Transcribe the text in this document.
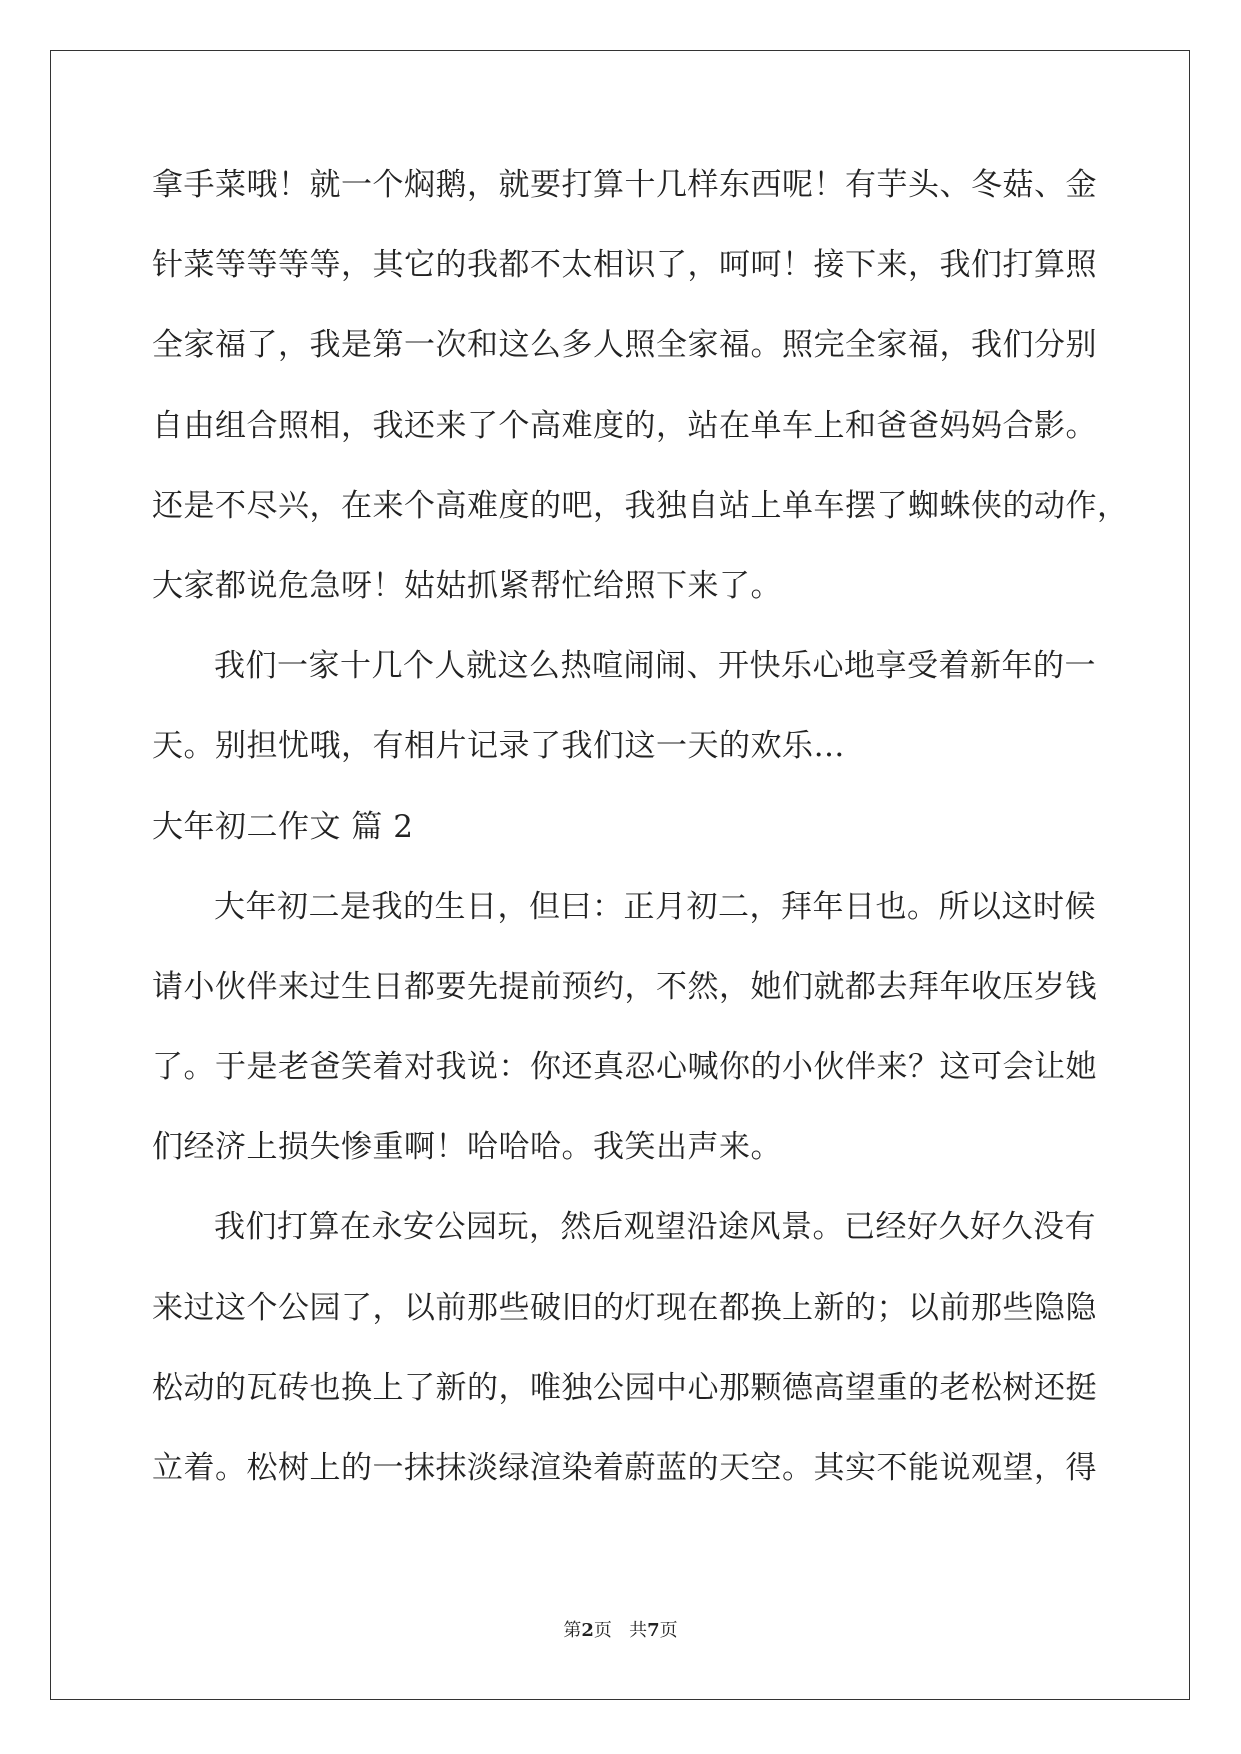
拿手菜哦！就一个焖鹅，就要打算十几样东西呢！有芋头、冬菇、金
针菜等等等等，其它的我都不太相识了，呵呵！接下来，我们打算照
全家福了，我是第一次和这么多人照全家福。照完全家福，我们分别
自由组合照相，我还来了个高难度的，站在单车上和爸爸妈妈合影。
还是不尽兴，在来个高难度的吧，我独自站上单车摆了蜘蛛侠的动作，
大家都说危急呀！姑姑抓紧帮忙给照下来了。
我们一家十几个人就这么热喧闹闹、开快乐心地享受着新年的一
天。别担忧哦，有相片记录了我们这一天的欢乐…
大年初二作文 篇 2
大年初二是我的生日，但曰：正月初二，拜年日也。所以这时候
请小伙伴来过生日都要先提前预约，不然，她们就都去拜年收压岁钱
了。于是老爸笑着对我说：你还真忍心喊你的小伙伴来？这可会让她
们经济上损失惨重啊！哈哈哈。我笑出声来。
我们打算在永安公园玩，然后观望沿途风景。已经好久好久没有
来过这个公园了，以前那些破旧的灯现在都换上新的；以前那些隐隐
松动的瓦砖也换上了新的，唯独公园中心那颗德高望重的老松树还挺
立着。松树上的一抹抹淡绿渲染着蔚蓝的天空。其实不能说观望，得
第2页 共7页
